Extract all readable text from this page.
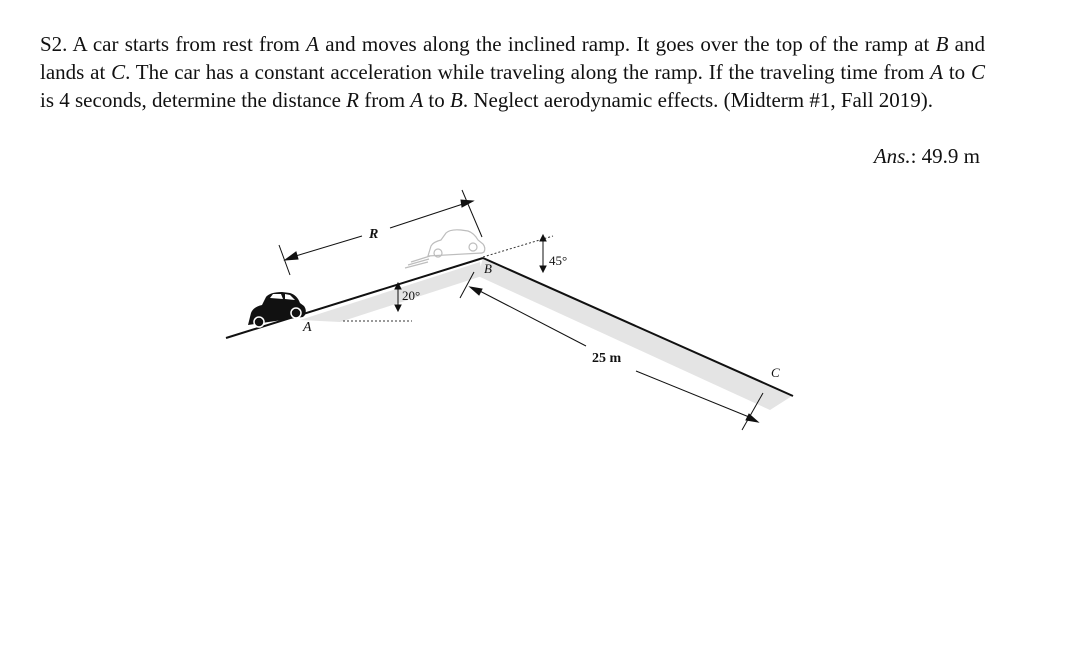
S2. A car starts from rest from A and moves along the inclined ramp. It goes over the top of the ramp at B and lands at C. The car has a constant acceleration while traveling along the ramp. If the traveling time from A to C is 4 seconds, determine the distance R from A to B. Neglect aerodynamic effects. (Midterm #1, Fall 2019).
Ans.: 49.9 m
A
B
C
R
20°
45°
25 m
